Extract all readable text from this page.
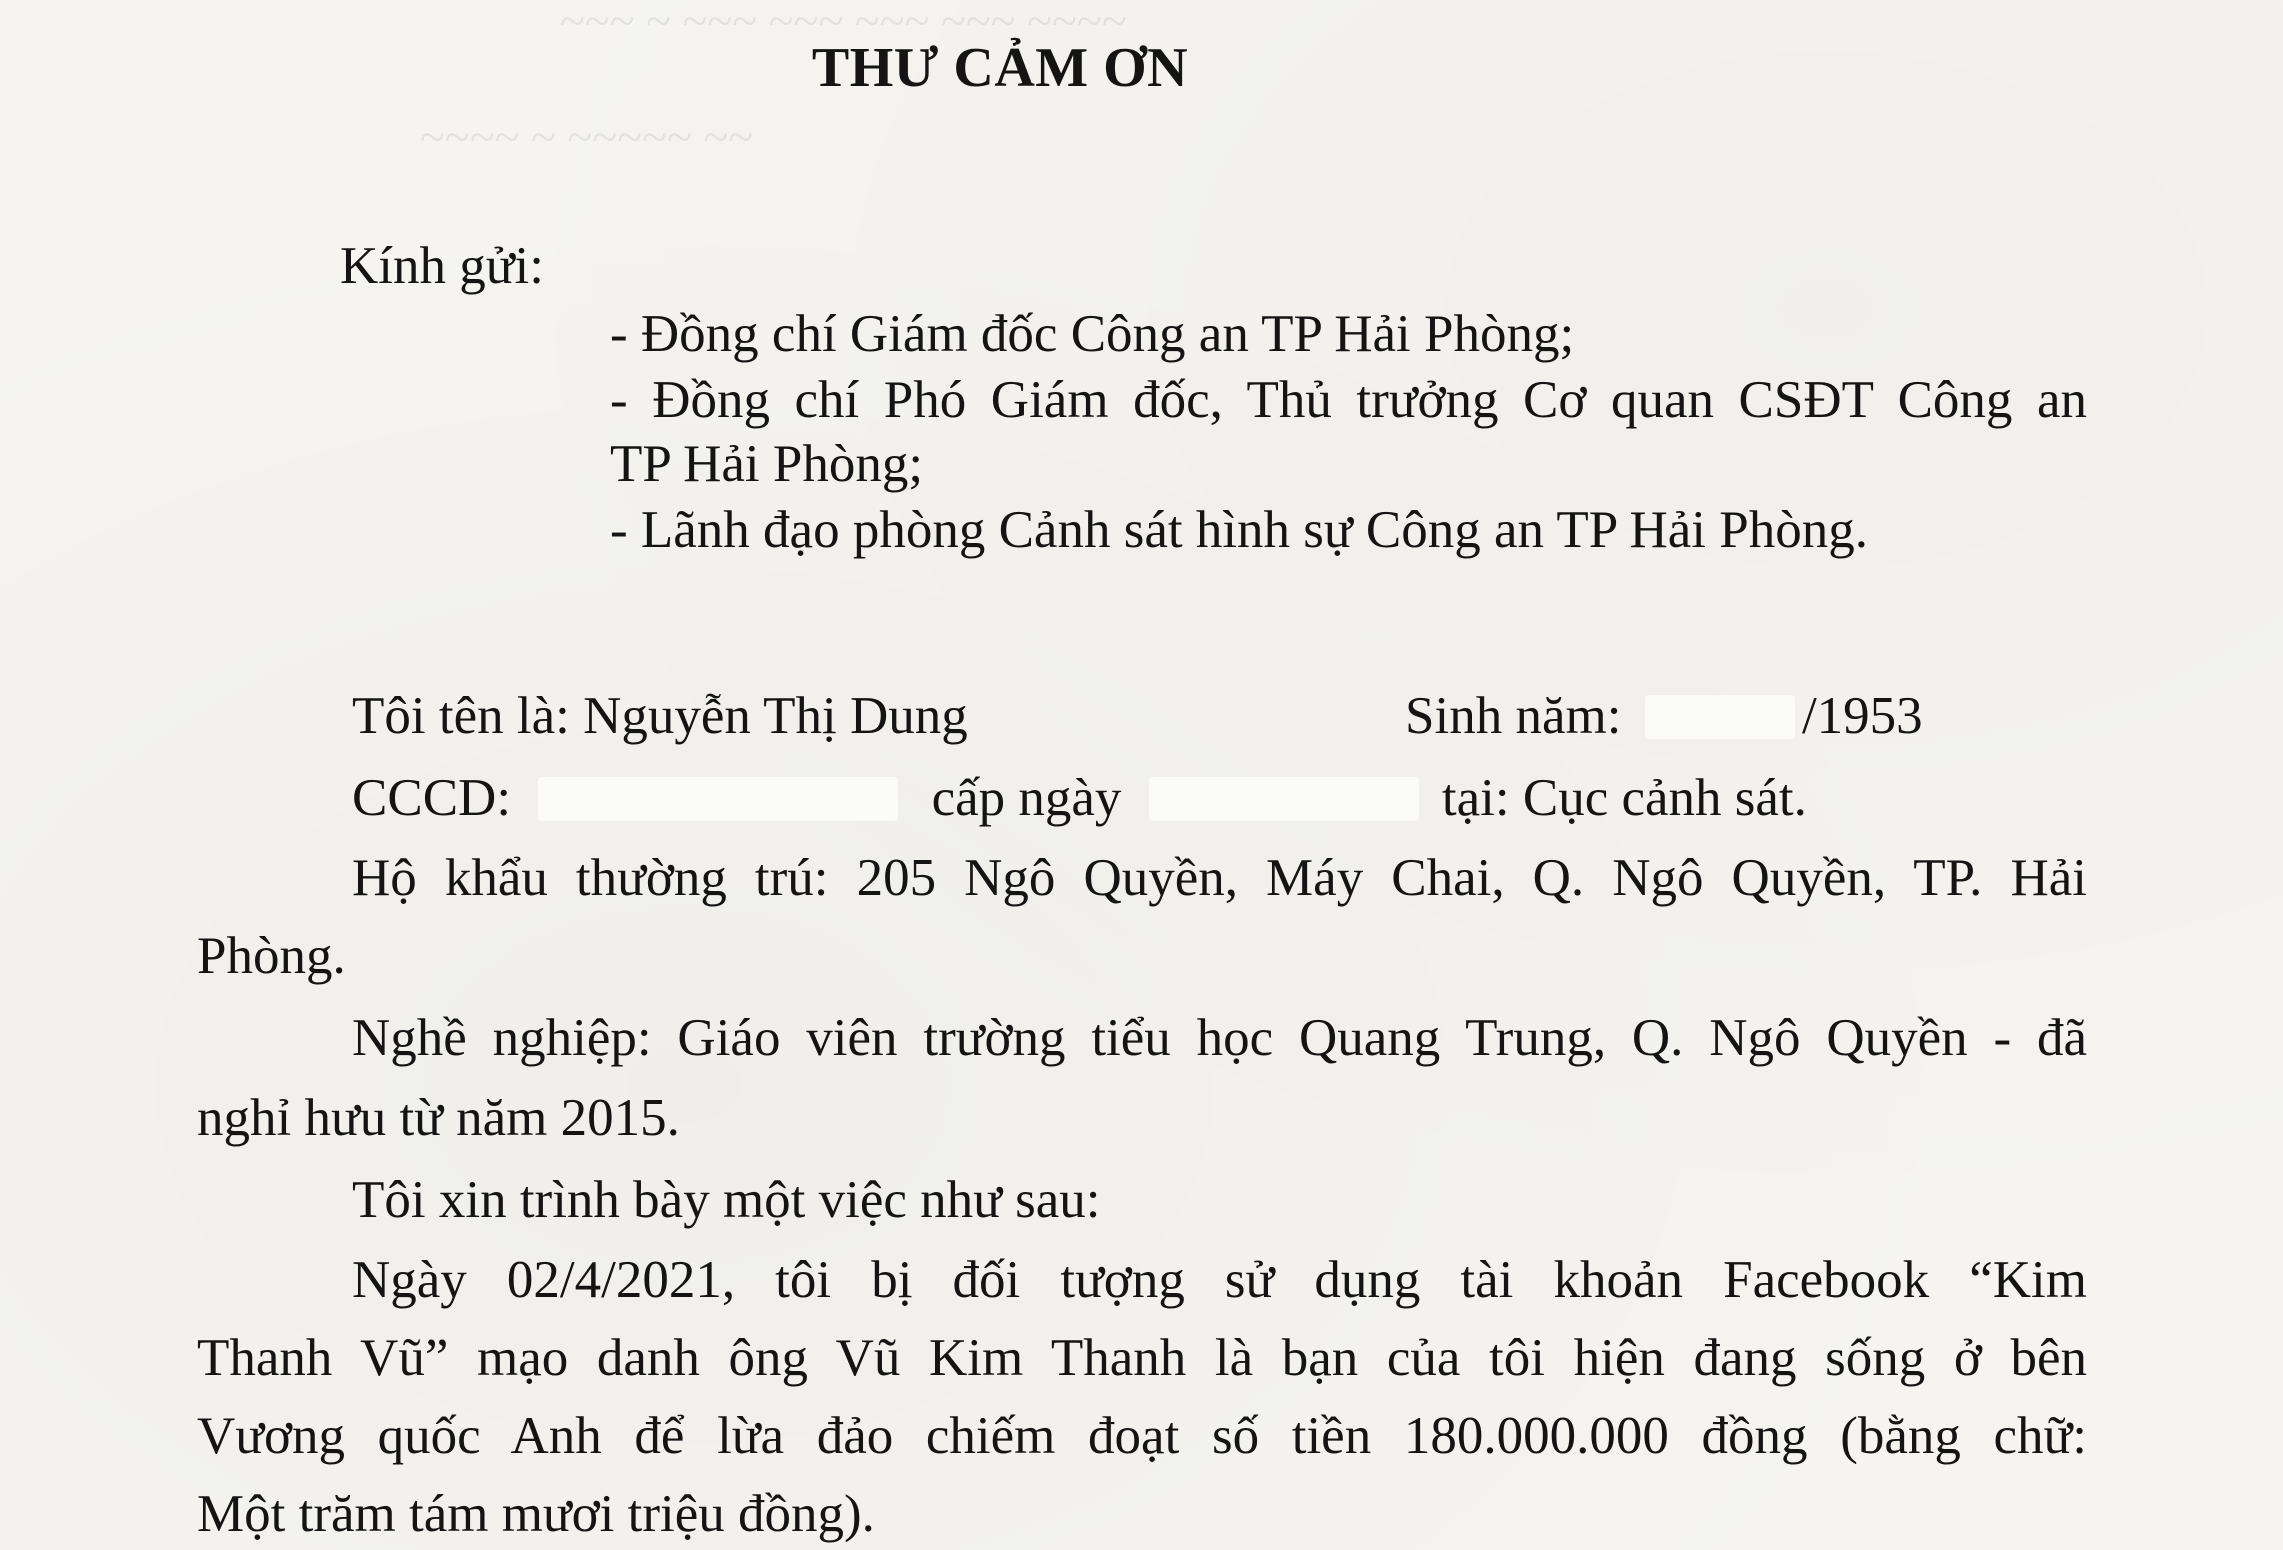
~~~ ~ ~~~ ~~~ ~~~ ~~~ ~~~~
~~~~ ~ ~~~~~ ~~
THƯ CẢM ƠN
Kính gửi:
- Đồng chí Giám đốc Công an TP Hải Phòng;
- Đồng chí Phó Giám đốc, Thủ trưởng Cơ quan CSĐT Công an
TP Hải Phòng;
- Lãnh đạo phòng Cảnh sát hình sự Công an TP Hải Phòng.
Tôi tên là: Nguyễn Thị Dung	Sinh năm:	/1953
CCCD:	cấp ngày	tại: Cục cảnh sát.
Hộ khẩu thường trú: 205 Ngô Quyền, Máy Chai, Q. Ngô Quyền, TP. Hải
Phòng.
Nghề nghiệp: Giáo viên trường tiểu học Quang Trung, Q. Ngô Quyền - đã
nghỉ hưu từ năm 2015.
Tôi xin trình bày một việc như sau:
Ngày 02/4/2021, tôi bị đối tượng sử dụng tài khoản Facebook “Kim
Thanh Vũ” mạo danh ông Vũ Kim Thanh là bạn của tôi hiện đang sống ở bên
Vương quốc Anh để lừa đảo chiếm đoạt số tiền 180.000.000 đồng (bằng chữ:
Một trăm tám mươi triệu đồng).
